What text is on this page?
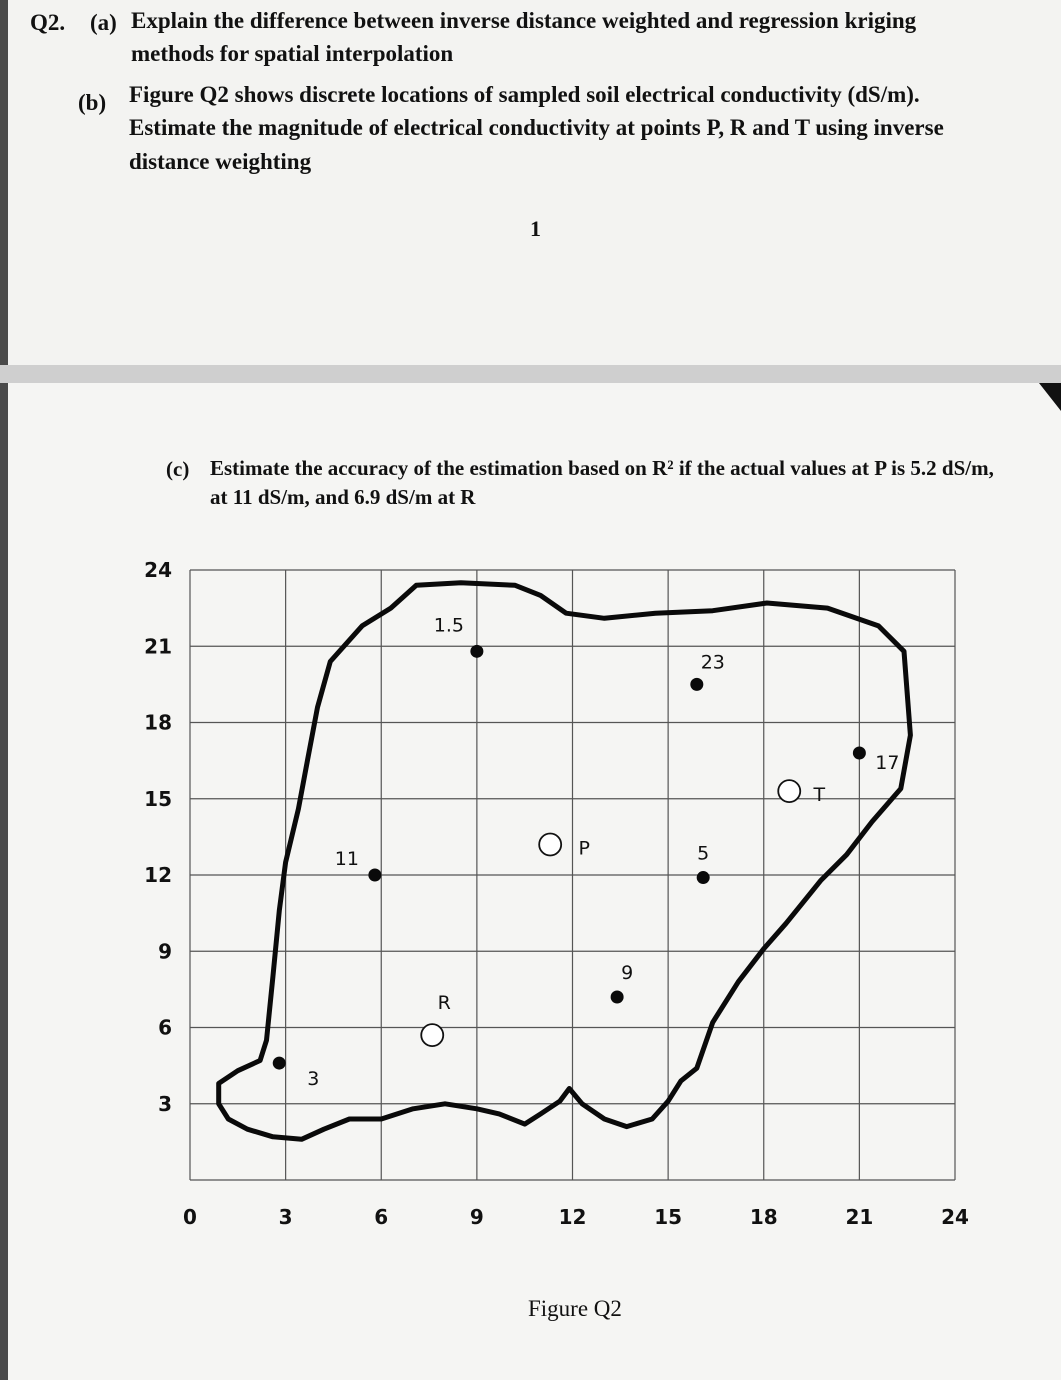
Q2. (a) Explain the difference between inverse distance weighted and regression kriging
methods for spatial interpolation
(b) Figure Q2 shows discrete locations of sampled soil electrical conductivity (dS/m).
Estimate the magnitude of electrical conductivity at points P, R and T using inverse
distance weighting
1
(c) Estimate the accuracy of the estimation based on R² if the actual values at P is 5.2 dS/m,
at 11 dS/m, and 6.9 dS/m at R
0	3	6	9	12	15	18	21	24
3
6
9
12
15
18
21
24
1.5
23
17
11	5
9
3
P
R
T
Figure Q2
